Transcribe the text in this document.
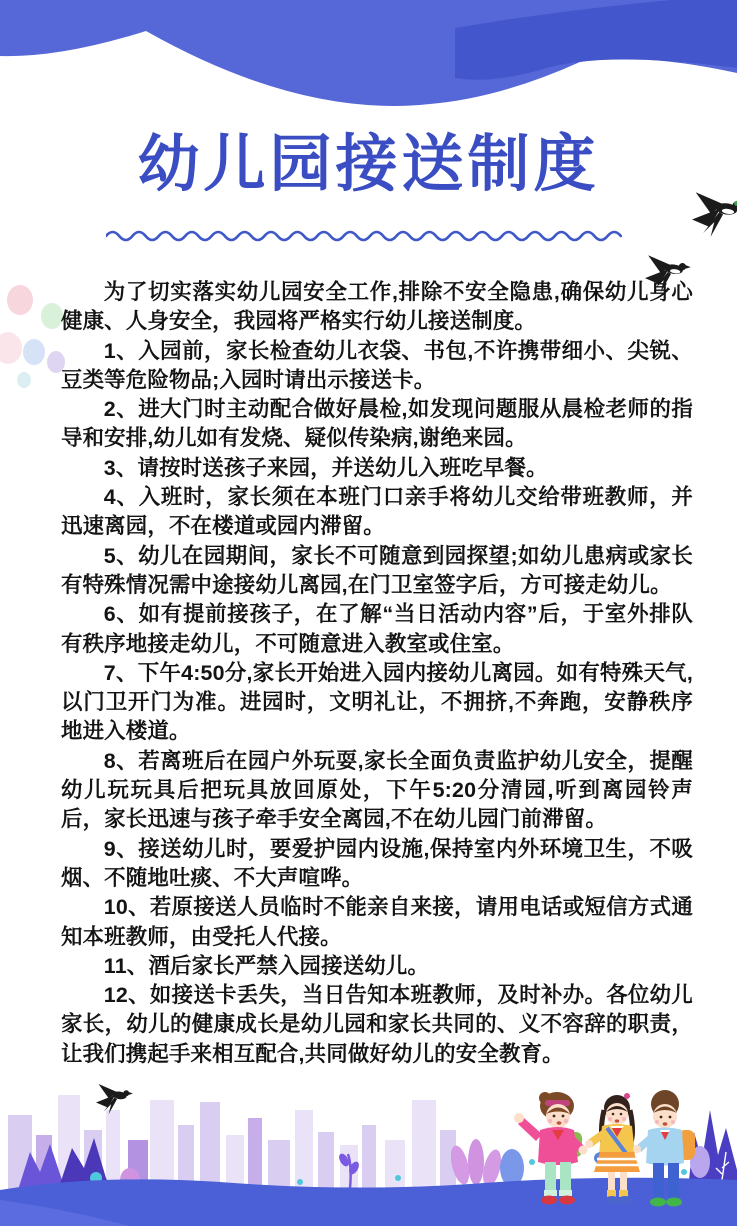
幼儿园接送制度

为了切实落实幼儿园安全工作,排除不安全隐患,确保幼儿身心健康、人身安全，我园将严格实行幼儿接送制度。

1、入园前，家长检查幼儿衣袋、书包,不许携带细小、尖锐、豆类等危险物品;入园时请出示接送卡。

2、进大门时主动配合做好晨检,如发现问题服从晨检老师的指导和安排,幼儿如有发烧、疑似传染病,谢绝来园。

3、请按时送孩子来园，并送幼儿入班吃早餐。

4、入班时，家长须在本班门口亲手将幼儿交给带班教师，并迅速离园，不在楼道或园内滞留。

5、幼儿在园期间，家长不可随意到园探望;如幼儿患病或家长有特殊情况需中途接幼儿离园,在门卫室签字后，方可接走幼儿。

6、如有提前接孩子，在了解“当日活动内容”后，于室外排队有秩序地接走幼儿，不可随意进入教室或住室。

7、下午4:50分,家长开始进入园内接幼儿离园。如有特殊天气,以门卫开门为准。进园时，文明礼让，不拥挤,不奔跑，安静秩序地进入楼道。

8、若离班后在园户外玩耍,家长全面负责监护幼儿安全，提醒幼儿玩玩具后把玩具放回原处，下午5:20分清园,听到离园铃声后，家长迅速与孩子牵手安全离园,不在幼儿园门前滞留。

9、接送幼儿时，要爱护园内设施,保持室内外环境卫生，不吸烟、不随地吐痰、不大声喧哗。

10、若原接送人员临时不能亲自来接，请用电话或短信方式通知本班教师，由受托人代接。

11、酒后家长严禁入园接送幼儿。

12、如接送卡丢失，当日告知本班教师，及时补办。各位幼儿家长，幼儿的健康成长是幼儿园和家长共同的、义不容辞的职责，让我们携起手来相互配合,共同做好幼儿的安全教育。
